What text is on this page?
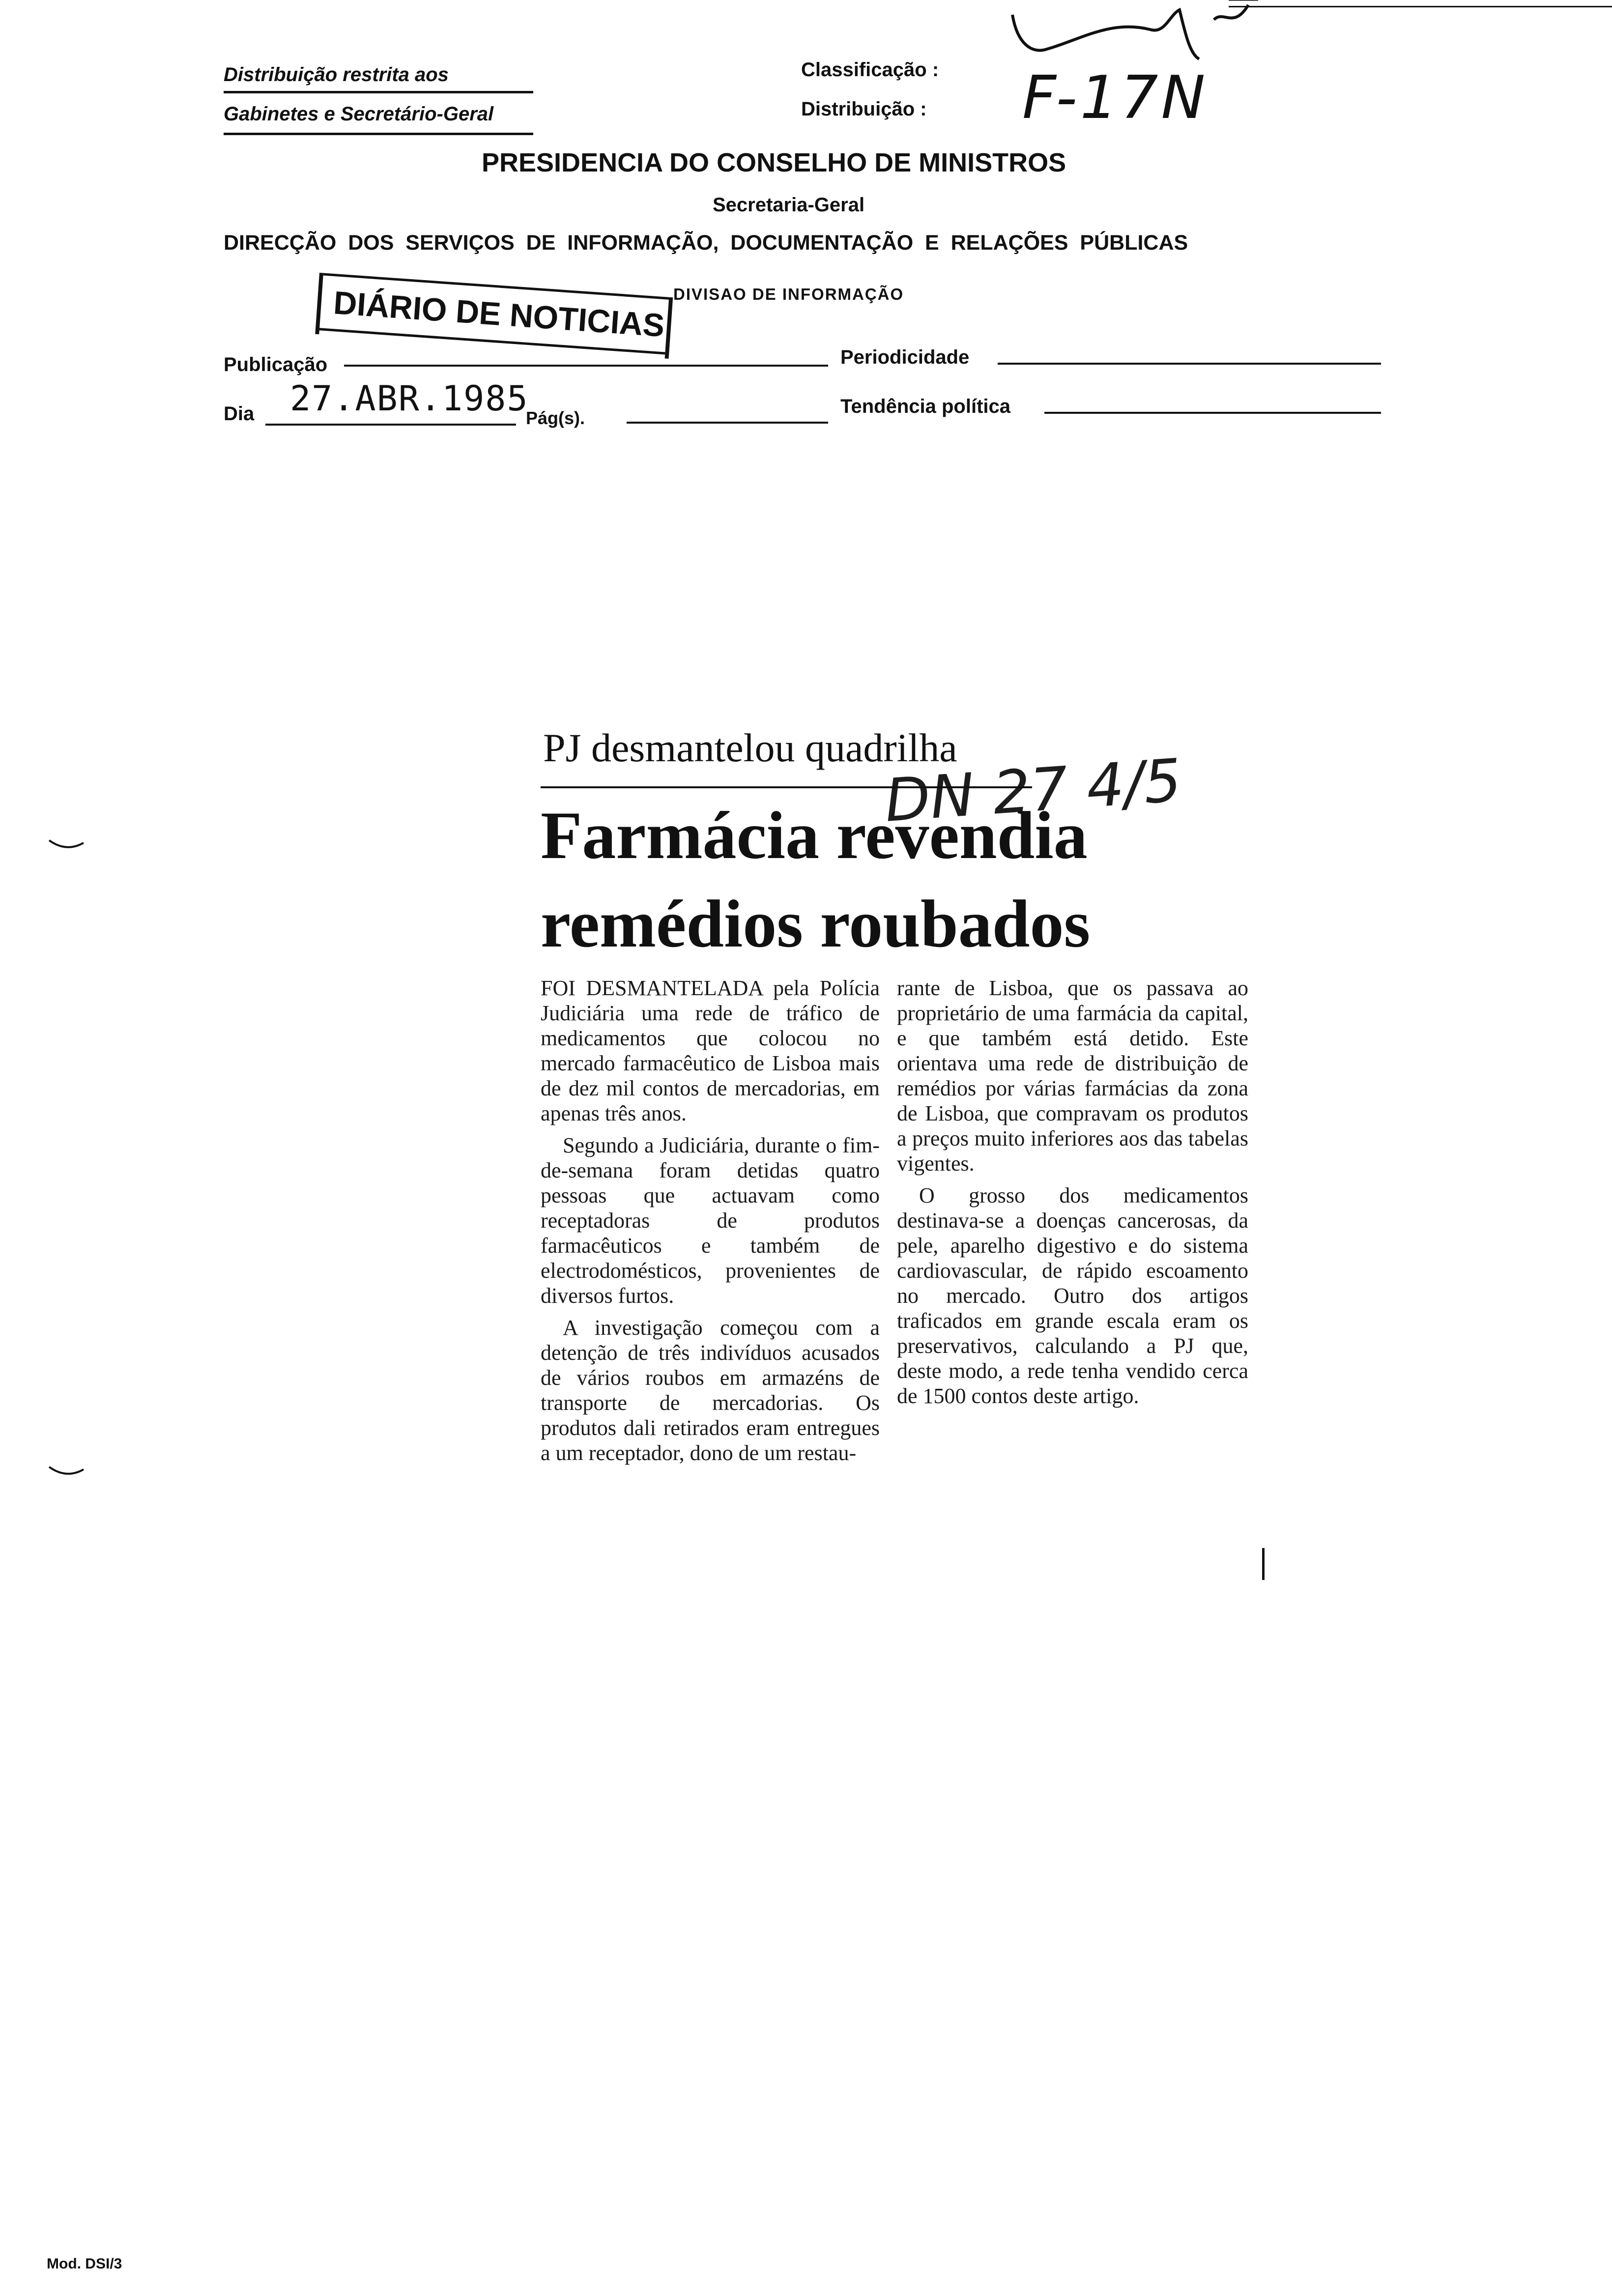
Distribuição restrita aos
Gabinetes e Secretário-Geral
Classificação :
Distribuição : F-17N
PRESIDENCIA DO CONSELHO DE MINISTROS
Secretaria-Geral
DIRECÇÃO  DOS  SERVIÇOS  DE  INFORMAÇÃO,  DOCUMENTAÇÃO  E  RELAÇÕES  PÚBLICAS
DIÁRIO DE NOTICIAS DIVISAO DE INFORMAÇÃO
Publicação	Periodicidade
Dia 27.ABR.1985
Pág(s).
Tendência política
PJ desmantelou quadrilha
Farmácia revendia
remédios roubados
DN 27 4/5

FOI DESMANTELADA pela Polícia Judiciária uma rede de tráfico de medicamentos que colocou no mercado farmacêutico de Lisboa mais de dez mil contos de mercadorias, em apenas três anos.

Segundo a Judiciária, durante o fim-de-semana foram detidas quatro pessoas que actuavam como receptadoras de produtos farmacêuticos e também de electrodomésticos, provenientes de diversos furtos.

A investigação começou com a detenção de três indivíduos acusados de vários roubos em armazéns de transporte de mercadorias. Os produtos dali retirados eram entregues a um receptador, dono de um restau-

rante de Lisboa, que os passava ao proprietário de uma farmácia da capital, e que também está detido. Este orientava uma rede de distribuição de remédios por várias farmácias da zona de Lisboa, que compravam os produtos a preços muito inferiores aos das tabelas vigentes.

O grosso dos medicamentos destinava-se a doenças cancerosas, da pele, aparelho digestivo e do sistema cardiovascular, de rápido escoamento no mercado. Outro dos artigos traficados em grande escala eram os preservativos, calculando a PJ que, deste modo, a rede tenha vendido cerca de 1500 contos deste artigo.

Mod. DSI/3
